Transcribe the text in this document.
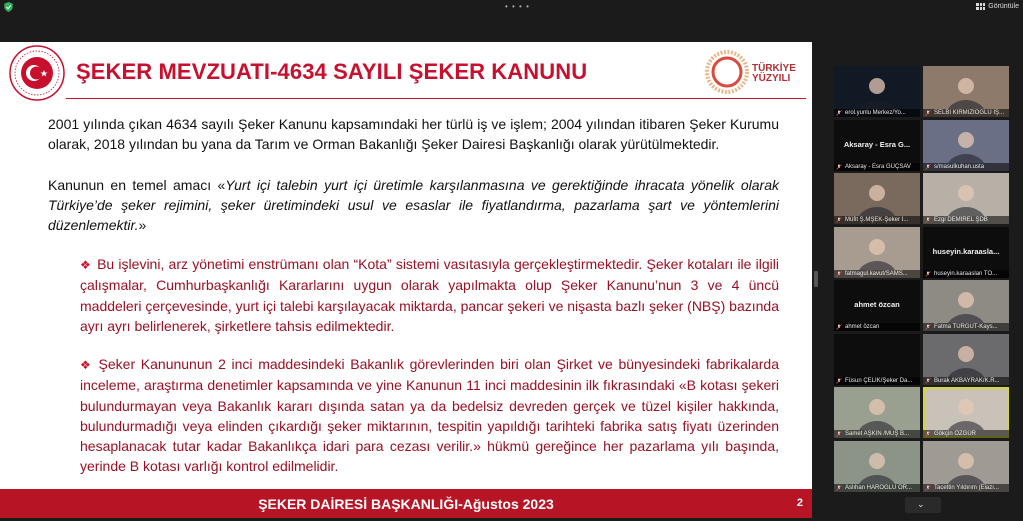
• • • •	Görüntüle
ŞEKER MEVZUATI-4634 SAYILI ŞEKER KANUNU	TÜRKİYE
YÜZYILI
2001 yılında çıkan 4634 sayılı Şeker Kanunu kapsamındaki her türlü iş ve işlem; 2004 yılından itibaren Şeker Kurumu olarak, 2018 yılından bu yana da Tarım ve Orman Bakanlığı Şeker Dairesi Başkanlığı olarak yürütülmektedir.
Kanunun en temel amacı «Yurt içi talebin yurt içi üretimle karşılanmasına ve gerektiğinde ihracata yönelik olarak Türkiye’de şeker rejimini, şeker üretimindeki usul ve esaslar ile fiyatlandırma, pazarlama şart ve yöntemlerini düzenlemektir.»
❖ Bu işlevini, arz yönetimi enstrümanı olan “Kota” sistemi vasıtasıyla gerçekleştirmektedir. Şeker kotaları ile ilgili çalışmalar, Cumhurbaşkanlığı Kararlarını uygun olarak yapılmakta olup Şeker Kanunu’nun 3 ve 4 üncü maddeleri çerçevesinde, yurt içi talebi karşılayacak miktarda, pancar şekeri ve nişasta bazlı şeker (NBŞ) bazında ayrı ayrı belirlenerek, şirketlere tahsis edilmektedir.
❖ Şeker Kanununun 2 inci maddesindeki Bakanlık görevlerinden biri olan Şirket ve bünyesindeki fabrikalarda inceleme, araştırma denetimler kapsamında ve yine Kanunun 11 inci maddesinin ilk fıkrasındaki «B kotası şekeri bulundurmayan veya Bakanlık kararı dışında satan ya da bedelsiz devreden gerçek ve tüzel kişiler hakkında, bulundurmadığı veya elinden çıkardığı şeker miktarının, tespitin yapıldığı tarihteki fabrika satış fiyatı üzerinden hesaplanacak tutar kadar Bakanlıkça idari para cezası verilir.» hükmü gereğince her pazarlama yılı başında, yerinde B kotası varlığı kontrol edilmelidir.
ŞEKER DAİRESİ BAŞKANLIĞI-Ağustos 2023	2
erol.yunlu Merkez/Yo...	SELBİ KIRMIZIOĞLU İŞ...
Aksaray - Esra G...
Aksaray - Esra GÜÇSAV	s/masulkuhan.usta
Müfit Ş.MŞEK-Şeker İ...	Ezgi DEMİREL ŞDB
fatmagul.kavut/SAMS...
huseyin.karaasla...
huseyin.karaaslan TO...
ahmet özcan
ahmet özcan	Fatma TURGUT-Kays...
Füsun ÇELİK/Şeker Da...	Burak AKBAYRAK/K.R...
Samet AŞKIN /MUŞ B...	Gökçin ÖZGÜR
Aslıhan HAROĞLU OR...	Tacettin Yıldırım (Elazı...
⌄
